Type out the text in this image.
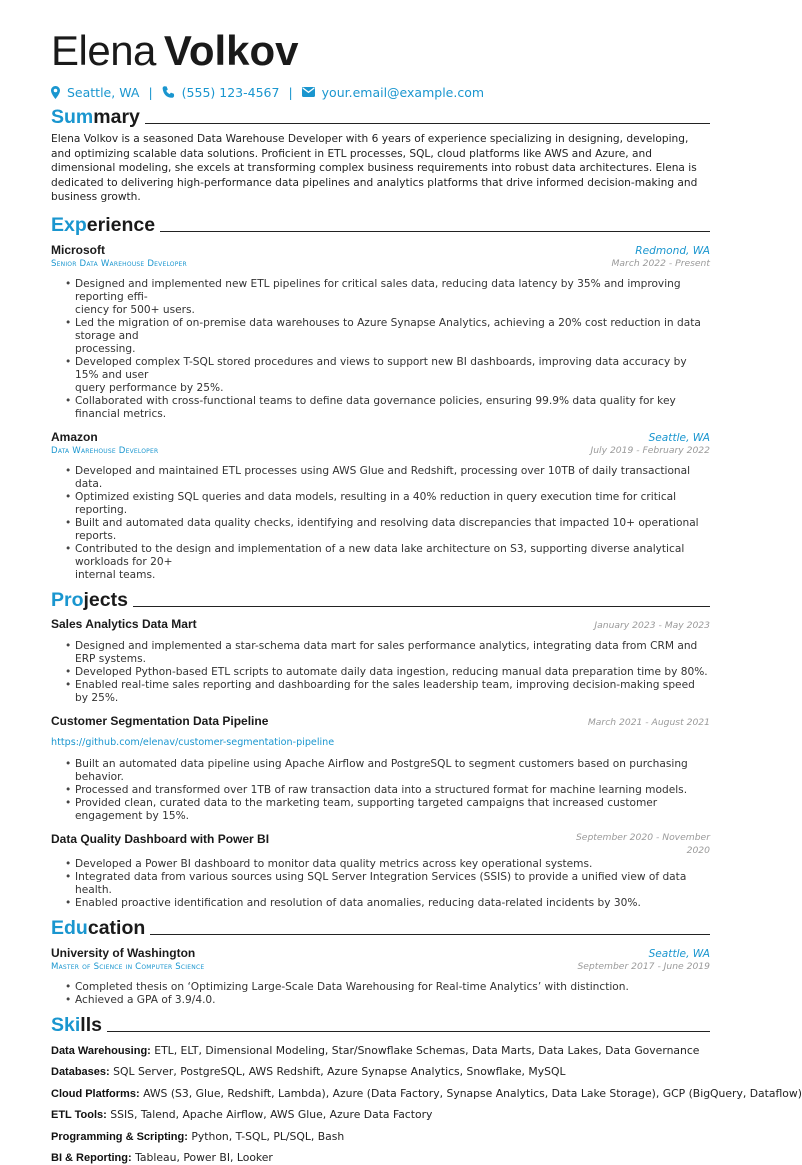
Elena Volkov
Seattle, WA | (555) 123-4567 | your.email@example.com
Sum mary

Elena Volkov is a seasoned Data Warehouse Developer with 6 years of experience specializing in designing, developing, and optimizing scalable data solutions. Proficient in ETL processes, SQL, cloud platforms like AWS and Azure, and dimensional modeling, she excels at transforming complex business requirements into robust data architectures. Elena is dedicated to delivering high-performance data pipelines and analytics platforms that drive informed decision-making and business growth.

Exp erience
Microsoft	Redmond, WA
Senior Data Warehouse Developer	March 2022 - Present
• Designed and implemented new ETL pipelines for critical sales data, reducing data latency by 35% and improving reporting effi-
ciency for 500+ users.
• Led the migration of on-premise data warehouses to Azure Synapse Analytics, achieving a 20% cost reduction in data storage and
processing.
• Developed complex T-SQL stored procedures and views to support new BI dashboards, improving data accuracy by 15% and user
query performance by 25%.
• Collaborated with cross-functional teams to define data governance policies, ensuring 99.9% data quality for key financial metrics.
Amazon	Seattle, WA
Data Warehouse Developer	July 2019 - February 2022
• Developed and maintained ETL processes using AWS Glue and Redshift, processing over 10TB of daily transactional data.
• Optimized existing SQL queries and data models, resulting in a 40% reduction in query execution time for critical reporting.
• Built and automated data quality checks, identifying and resolving data discrepancies that impacted 10+ operational reports.
• Contributed to the design and implementation of a new data lake architecture on S3, supporting diverse analytical workloads for 20+
internal teams.
Pro jects
Sales Analytics Data Mart	January 2023 - May 2023
• Designed and implemented a star-schema data mart for sales performance analytics, integrating data from CRM and ERP systems.
• Developed Python-based ETL scripts to automate daily data ingestion, reducing manual data preparation time by 80%.
• Enabled real-time sales reporting and dashboarding for the sales leadership team, improving decision-making speed by 25%.
Customer Segmentation Data Pipeline	March 2021 - August 2021
https://github.com/elenav/customer-segmentation-pipeline
• Built an automated data pipeline using Apache Airflow and PostgreSQL to segment customers based on purchasing behavior.
• Processed and transformed over 1TB of raw transaction data into a structured format for machine learning models.
• Provided clean, curated data to the marketing team, supporting targeted campaigns that increased customer engagement by 15%.
Data Quality Dashboard with Power BI	September 2020 - November
2020
• Developed a Power BI dashboard to monitor data quality metrics across key operational systems.
• Integrated data from various sources using SQL Server Integration Services (SSIS) to provide a unified view of data health.
• Enabled proactive identification and resolution of data anomalies, reducing data-related incidents by 30%.
Edu cation
University of Washington	Seattle, WA
Master of Science in Computer Science	September 2017 - June 2019
• Completed thesis on ‘Optimizing Large-Scale Data Warehousing for Real-time Analytics’ with distinction.
• Achieved a GPA of 3.9/4.0.
Ski lls
Data Warehousing: ETL, ELT, Dimensional Modeling, Star/Snowflake Schemas, Data Marts, Data Lakes, Data Governance
Databases: SQL Server, PostgreSQL, AWS Redshift, Azure Synapse Analytics, Snowflake, MySQL
Cloud Platforms: AWS (S3, Glue, Redshift, Lambda), Azure (Data Factory, Synapse Analytics, Data Lake Storage), GCP (BigQuery, Dataflow)
ETL Tools: SSIS, Talend, Apache Airflow, AWS Glue, Azure Data Factory
Programming & Scripting: Python, T-SQL, PL/SQL, Bash
BI & Reporting: Tableau, Power BI, Looker
